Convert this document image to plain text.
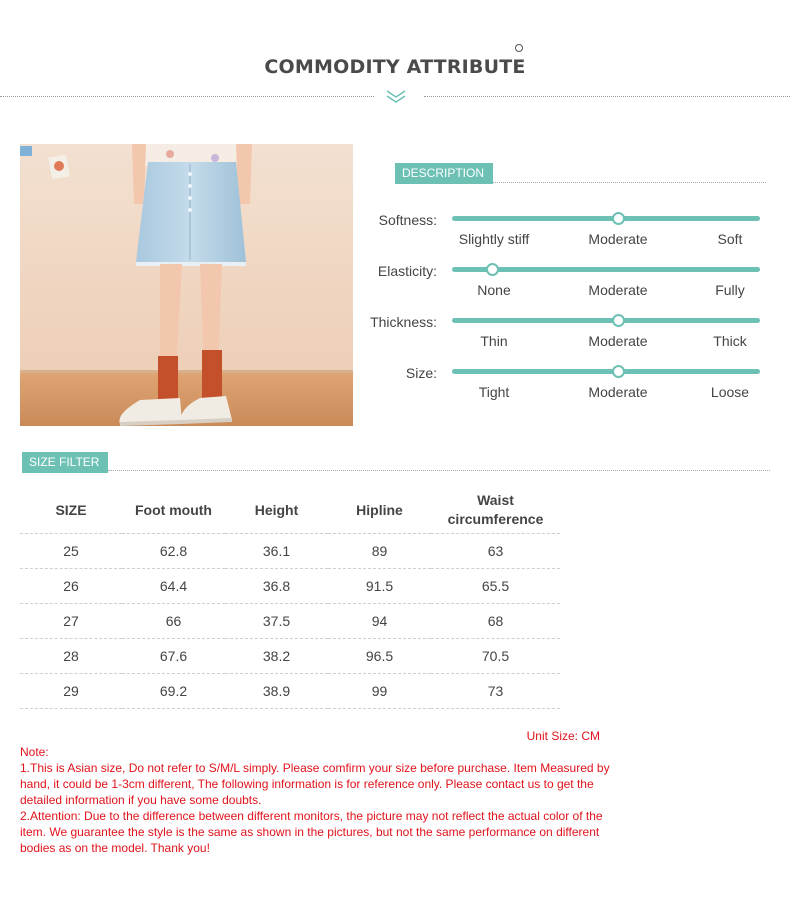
COMMODITY ATTRIBUTE
DESCRIPTION
Softness:
Slightly stiff	Moderate	Soft
Elasticity:
None	Moderate	Fully
Thickness:
Thin	Moderate	Thick
Size:
Tight	Moderate	Loose
SIZE FILTER
SIZE	Foot mouth	Height	Hipline	Waist circumference
25	62.8	36.1	89	63
26	64.4	36.8	91.5	65.5
27	66	37.5	94	68
28	67.6	38.2	96.5	70.5
29	69.2	38.9	99	73
Unit Size: CM

Note:

1.This is Asian size, Do not refer to S/M/L simply. Please comfirm your size before purchase. Item Measured by hand, it could be 1-3cm different, The following information is for reference only. Please contact us to get the detailed information if you have some doubts.

2.Attention: Due to the difference between different monitors, the picture may not reflect the actual color of the item. We guarantee the style is the same as shown in the pictures, but not the same performance on different bodies as on the model. Thank you!
